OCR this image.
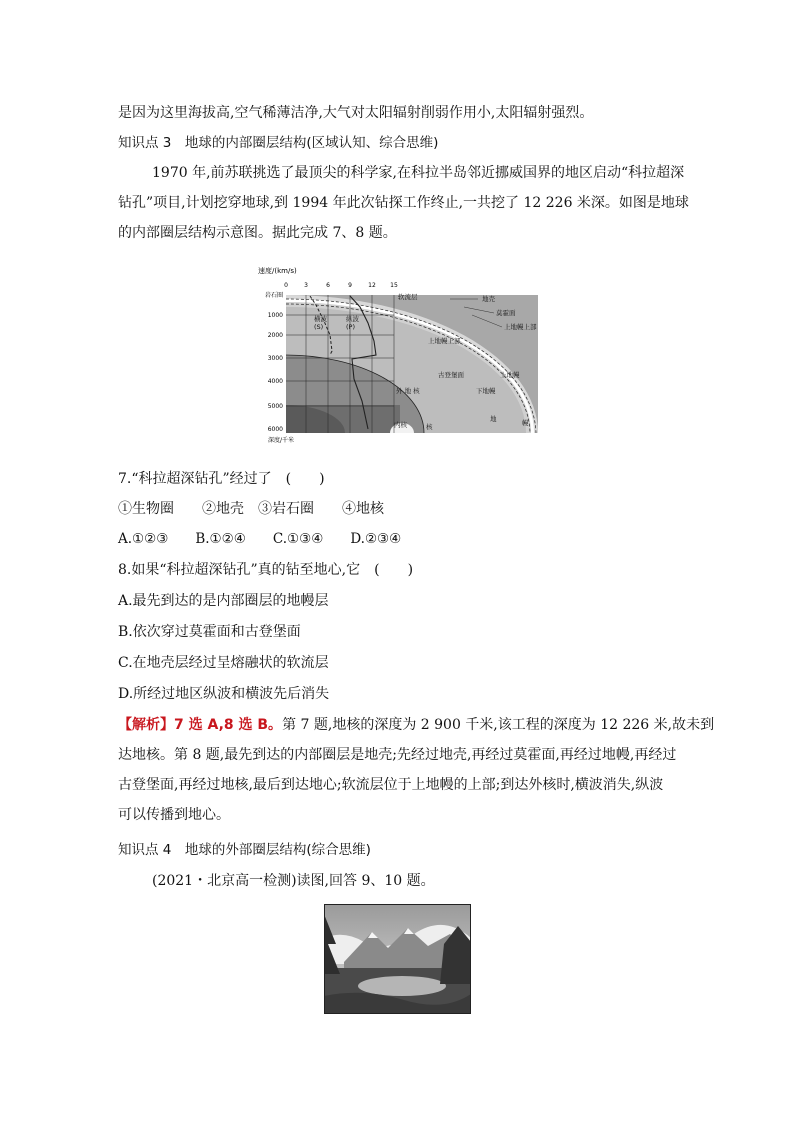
是因为这里海拔高,空气稀薄洁净,大气对太阳辐射削弱作用小,太阳辐射强烈。
知识点 3　地球的内部圈层结构(区域认知、综合思维)
1970 年,前苏联挑选了最顶尖的科学家,在科拉半岛邻近挪威国界的地区启动“科拉超深
钻孔”项目,计划挖穿地球,到 1994 年此次钻探工作终止,一共挖了 12 226 米深。如图是地球
的内部圈层结构示意图。据此完成 7、8 题。
速度/(km/s)
0	3	6	9	12 15
岩石圈
1000
2000
3000
4000
5000
6000
深度/千米
横波(S)
纵波(P)
软流层	地壳
莫霍面
上地幔上部
上地幔上部
古登堡面	上地幔
下地幔
外 地 核
内核	核
地	幔
7.“科拉超深钻孔”经过了　(　　)
①生物圈　　②地壳　③岩石圈　　④地核
A.①②③　　B.①②④　　C.①③④　　D.②③④
8.如果“科拉超深钻孔”真的钻至地心,它　(　　)
A.最先到达的是内部圈层的地幔层
B.依次穿过莫霍面和古登堡面
C.在地壳层经过呈熔融状的软流层
D.所经过地区纵波和横波先后消失
【解析】7 选 A,8 选 B。第 7 题,地核的深度为 2 900 千米,该工程的深度为 12 226 米,故未到
达地核。第 8 题,最先到达的内部圈层是地壳;先经过地壳,再经过莫霍面,再经过地幔,再经过
古登堡面,再经过地核,最后到达地心;软流层位于上地幔的上部;到达外核时,横波消失,纵波
可以传播到地心。
知识点 4　地球的外部圈层结构(综合思维)
(2021・北京高一检测)读图,回答 9、10 题。
